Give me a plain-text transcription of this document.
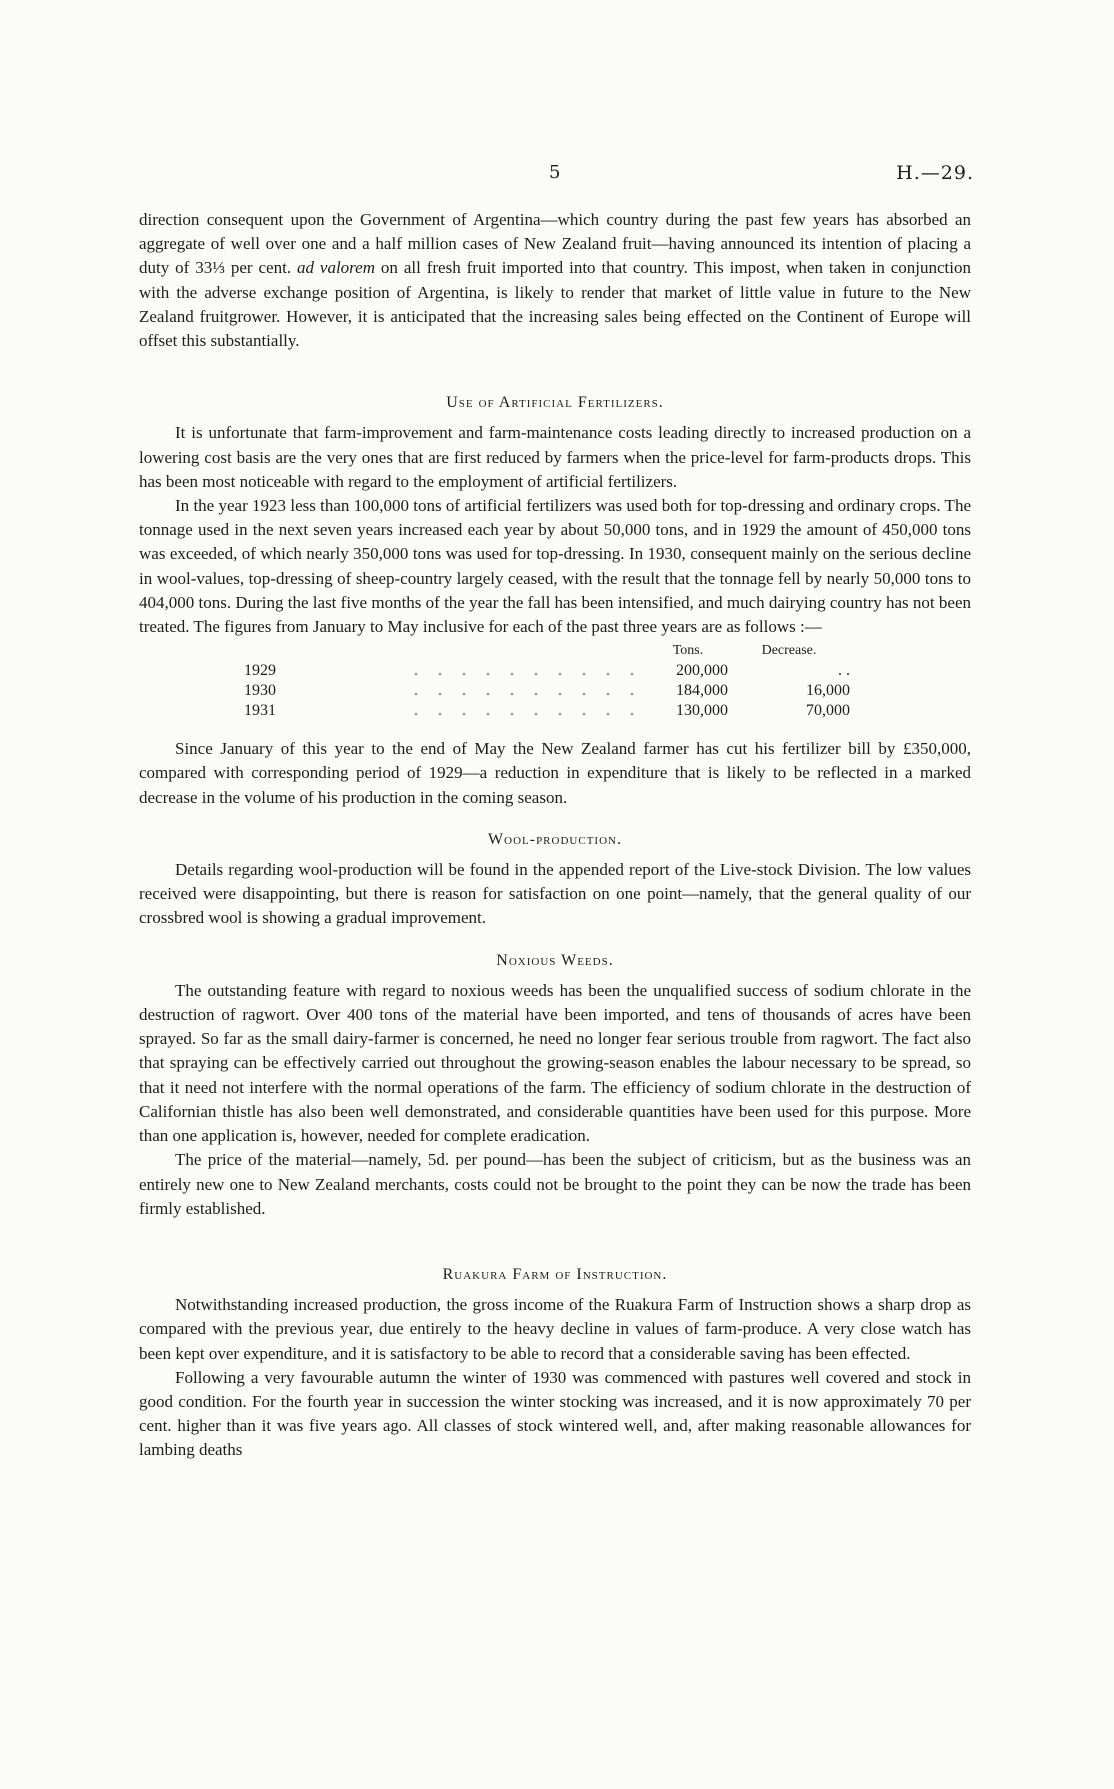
5	H.—29.

direction consequent upon the Government of Argentina—which country during the past few years has absorbed an aggregate of well over one and a half million cases of New Zealand fruit—having announced its intention of placing a duty of 33⅓ per cent. ad valorem on all fresh fruit imported into that country. This impost, when taken in conjunction with the adverse exchange position of Argentina, is likely to render that market of little value in future to the New Zealand fruitgrower. However, it is anticipated that the increasing sales being effected on the Continent of Europe will offset this substantially.

Use of Artificial Fertilizers.

It is unfortunate that farm-improvement and farm-maintenance costs leading directly to increased production on a lowering cost basis are the very ones that are first reduced by farmers when the price-level for farm-products drops. This has been most noticeable with regard to the employment of artificial fertilizers.

In the year 1923 less than 100,000 tons of artificial fertilizers was used both for top-dressing and ordinary crops. The tonnage used in the next seven years increased each year by about 50,000 tons, and in 1929 the amount of 450,000 tons was exceeded, of which nearly 350,000 tons was used for top-dressing. In 1930, consequent mainly on the serious decline in wool-values, top-dressing of sheep-country largely ceased, with the result that the tonnage fell by nearly 50,000 tons to 404,000 tons. During the last five months of the year the fall has been intensified, and much dairying country has not been treated. The figures from January to May inclusive for each of the past three years are as follows :—

		Tons.	Decrease.
1929	. . . . . . . . . .	200,000	. .
1930	. . . . . . . . . .	184,000	16,000
1931	. . . . . . . . . .	130,000	70,000

Since January of this year to the end of May the New Zealand farmer has cut his fertilizer bill by £350,000, compared with corresponding period of 1929—a reduction in expenditure that is likely to be reflected in a marked decrease in the volume of his production in the coming season.

Wool-production.

Details regarding wool-production will be found in the appended report of the Live-stock Division. The low values received were disappointing, but there is reason for satisfaction on one point—namely, that the general quality of our crossbred wool is showing a gradual improvement.

Noxious Weeds.

The outstanding feature with regard to noxious weeds has been the unqualified success of sodium chlorate in the destruction of ragwort. Over 400 tons of the material have been imported, and tens of thousands of acres have been sprayed. So far as the small dairy-farmer is concerned, he need no longer fear serious trouble from ragwort. The fact also that spraying can be effectively carried out throughout the growing-season enables the labour necessary to be spread, so that it need not interfere with the normal operations of the farm. The efficiency of sodium chlorate in the destruction of Californian thistle has also been well demonstrated, and considerable quantities have been used for this purpose. More than one application is, however, needed for complete eradication.

The price of the material—namely, 5d. per pound—has been the subject of criticism, but as the business was an entirely new one to New Zealand merchants, costs could not be brought to the point they can be now the trade has been firmly established.

Ruakura Farm of Instruction.

Notwithstanding increased production, the gross income of the Ruakura Farm of Instruction shows a sharp drop as compared with the previous year, due entirely to the heavy decline in values of farm-produce. A very close watch has been kept over expenditure, and it is satisfactory to be able to record that a considerable saving has been effected.

Following a very favourable autumn the winter of 1930 was commenced with pastures well covered and stock in good condition. For the fourth year in succession the winter stocking was increased, and it is now approximately 70 per cent. higher than it was five years ago. All classes of stock wintered well, and, after making reasonable allowances for lambing deaths
